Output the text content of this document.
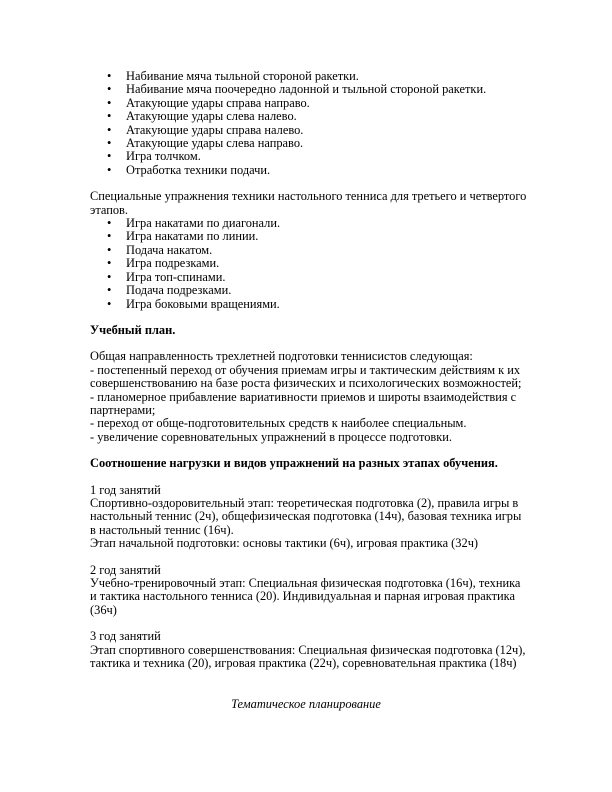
• Набивание мяча тыльной стороной ракетки.
• Набивание мяча поочередно ладонной и тыльной стороной ракетки.
• Атакующие удары справа направо.
• Атакующие удары слева налево.
• Атакующие удары справа налево.
• Атакующие удары слева направо.
• Игра толчком.
• Отработка техники подачи.

Специальные упражнения техники настольного тенниса для третьего и четвертого этапов.

• Игра накатами по диагонали.
• Игра накатами по линии.
• Подача накатом.
• Игра подрезками.
• Игра топ-спинами.
• Подача подрезками.
• Игра боковыми вращениями.

Учебный план.

Общая направленность трехлетней подготовки теннисистов следующая:

- постепенный переход от обучения приемам игры и тактическим действиям к их совершенствованию на базе роста физических и психологических возможностей;

- планомерное прибавление вариативности приемов и широты взаимодействия с партнерами;

- переход от обще-подготовительных средств к наиболее специальным.

- увеличение соревновательных упражнений в процессе подготовки.

Соотношение нагрузки и видов упражнений на разных этапах обучения.

1 год занятий

Спортивно-оздоровительный этап: теоретическая подготовка (2), правила игры в настольный теннис (2ч), общефизическая подготовка (14ч), базовая техника игры в настольный теннис (16ч).

Этап начальной подготовки: основы тактики (6ч), игровая практика (32ч)

2 год занятий

Учебно-тренировочный этап: Специальная физическая подготовка (16ч), техника и тактика настольного тенниса (20). Индивидуальная и парная игровая практика (36ч)

3 год занятий

Этап спортивного совершенствования: Специальная физическая подготовка (12ч), тактика и техника (20), игровая практика (22ч), соревновательная практика (18ч)

Тематическое планирование
